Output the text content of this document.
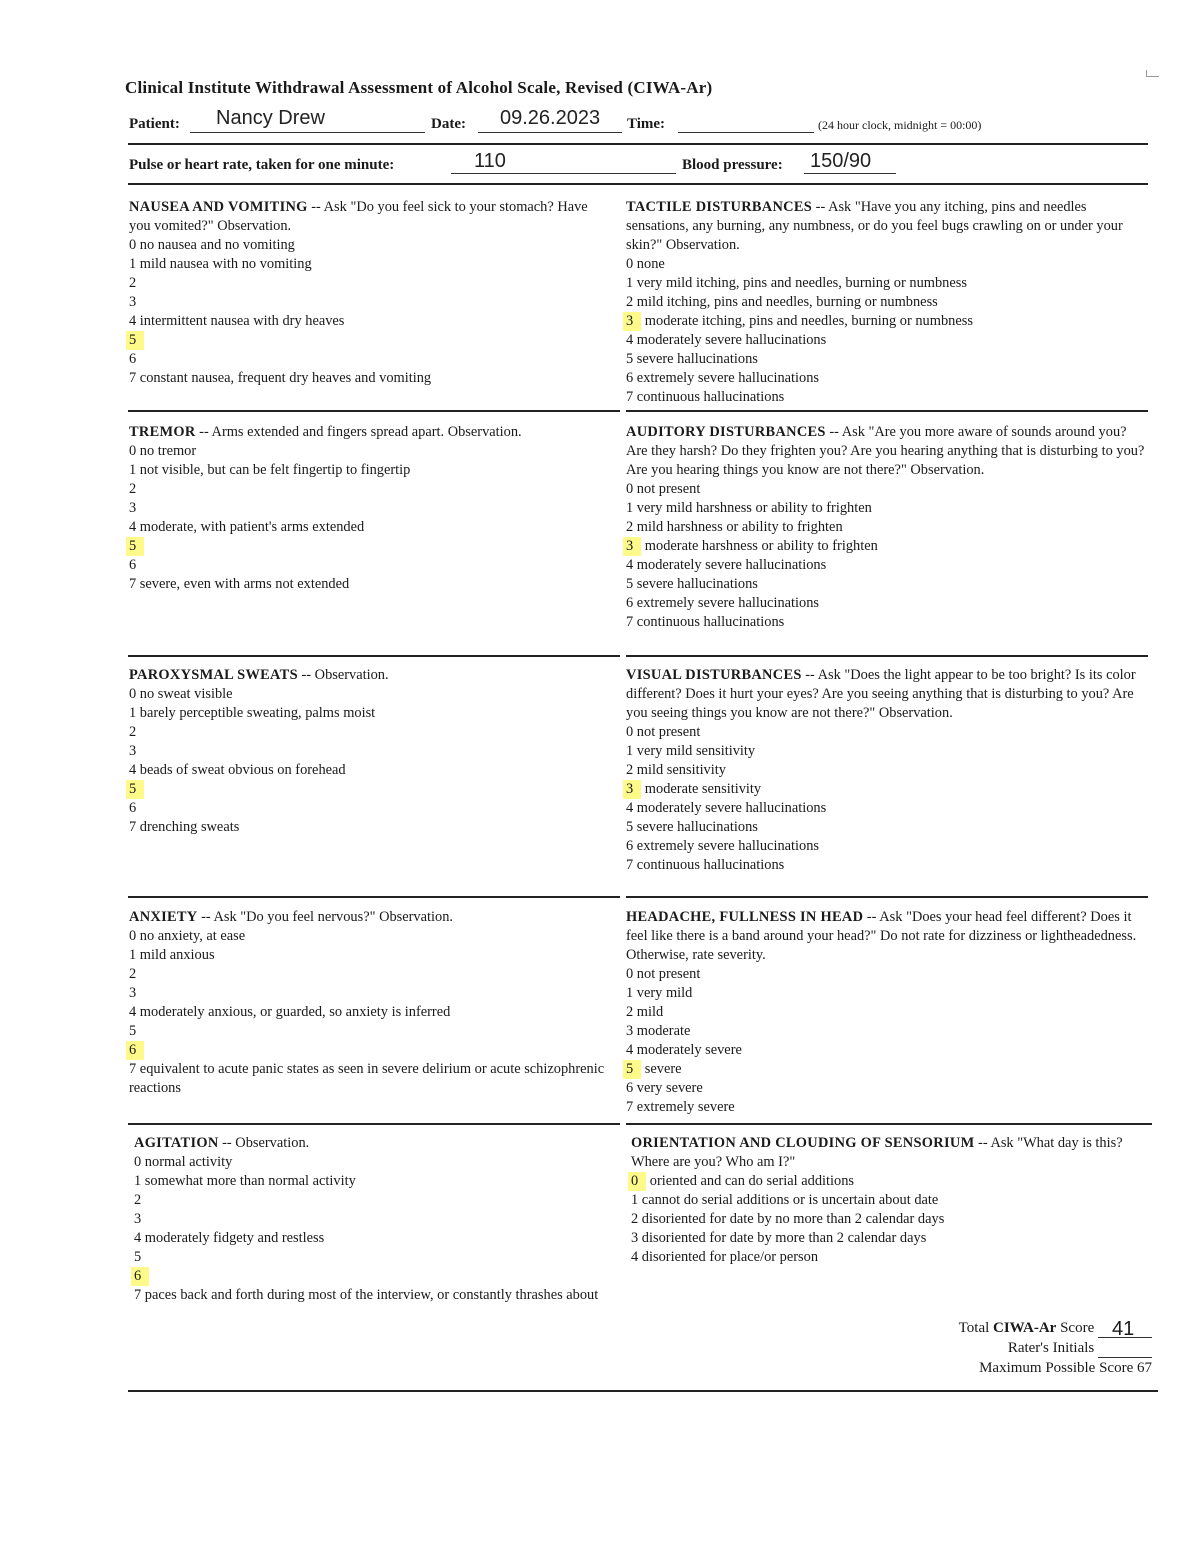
Clinical Institute Withdrawal Assessment of Alcohol Scale, Revised (CIWA-Ar)
Patient: Nancy Drew	Date: 09.26.2023 Time:	(24 hour clock, midnight = 00:00)
Pulse or heart rate, taken for one minute:	110	Blood pressure: 150/90
NAUSEA AND VOMITING -- Ask "Do you feel sick to your stomach? Have you vomited?" Observation.
0 no nausea and no vomiting
1 mild nausea with no vomiting
2
3
4 intermittent nausea with dry heaves
5
6
7 constant nausea, frequent dry heaves and vomiting
TACTILE DISTURBANCES -- Ask "Have you any itching, pins and needles sensations, any burning, any numbness, or do you feel bugs crawling on or under your skin?" Observation.
0 none
1 very mild itching, pins and needles, burning or numbness
2 mild itching, pins and needles, burning or numbness
3 moderate itching, pins and needles, burning or numbness
4 moderately severe hallucinations
5 severe hallucinations
6 extremely severe hallucinations
7 continuous hallucinations
TREMOR -- Arms extended and fingers spread apart. Observation.
0 no tremor
1 not visible, but can be felt fingertip to fingertip
2
3
4 moderate, with patient's arms extended
5
6
7 severe, even with arms not extended
AUDITORY DISTURBANCES -- Ask "Are you more aware of sounds around you? Are they harsh? Do they frighten you? Are you hearing anything that is disturbing to you? Are you hearing things you know are not there?" Observation.
0 not present
1 very mild harshness or ability to frighten
2 mild harshness or ability to frighten
3 moderate harshness or ability to frighten
4 moderately severe hallucinations
5 severe hallucinations
6 extremely severe hallucinations
7 continuous hallucinations
PAROXYSMAL SWEATS -- Observation.
0 no sweat visible
1 barely perceptible sweating, palms moist
2
3
4 beads of sweat obvious on forehead
5
6
7 drenching sweats
VISUAL DISTURBANCES -- Ask "Does the light appear to be too bright? Is its color different? Does it hurt your eyes? Are you seeing anything that is disturbing to you? Are you seeing things you know are not there?" Observation.
0 not present
1 very mild sensitivity
2 mild sensitivity
3 moderate sensitivity
4 moderately severe hallucinations
5 severe hallucinations
6 extremely severe hallucinations
7 continuous hallucinations
ANXIETY -- Ask "Do you feel nervous?" Observation.
0 no anxiety, at ease
1 mild anxious
2
3
4 moderately anxious, or guarded, so anxiety is inferred
5
6
7 equivalent to acute panic states as seen in severe delirium or acute schizophrenic reactions
HEADACHE, FULLNESS IN HEAD -- Ask "Does your head feel different? Does it feel like there is a band around your head?" Do not rate for dizziness or lightheadedness. Otherwise, rate severity.
0 not present
1 very mild
2 mild
3 moderate
4 moderately severe
5 severe
6 very severe
7 extremely severe
AGITATION -- Observation.
0 normal activity
1 somewhat more than normal activity
2
3
4 moderately fidgety and restless
5
6
7 paces back and forth during most of the interview, or constantly thrashes about
ORIENTATION AND CLOUDING OF SENSORIUM -- Ask "What day is this? Where are you? Who am I?"
0 oriented and can do serial additions
1 cannot do serial additions or is uncertain about date
2 disoriented for date by no more than 2 calendar days
3 disoriented for date by more than 2 calendar days
4 disoriented for place/or person
Total CIWA-Ar Score 41
Rater's Initials
Maximum Possible Score 67
